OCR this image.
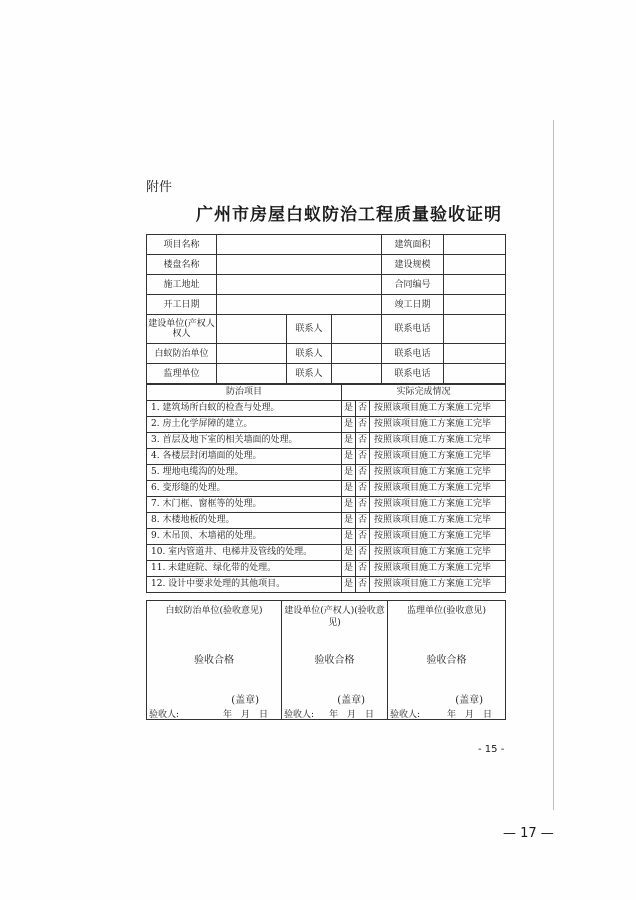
附件
广州市房屋白蚁防治工程质量验收证明
项目名称				建筑面积	
楼盘名称				建设规模	
施工地址				合同编号	
开工日期				竣工日期	

建设单位(产权人
权人		联系人		联系电话	
白蚁防治单位		联系人		联系电话	
监理单位		联系人		联系电话	
防治项目	实际完成情况		
1. 建筑场所白蚁的检查与处理。	是	否	按照该项目施工方案施工完毕
2. 房土化学屏障的建立。	是	否	按照该项目施工方案施工完毕
3. 首层及地下室的相关墙面的处理。	是	否	按照该项目施工方案施工完毕
4. 各楼层封闭墙面的处理。	是	否	按照该项目施工方案施工完毕
5. 埋地电缆沟的处理。	是	否	按照该项目施工方案施工完毕
6. 变形缝的处理。	是	否	按照该项目施工方案施工完毕
7. 木门框、窗框等的处理。	是	否	按照该项目施工方案施工完毕
8. 木楼地板的处理。	是	否	按照该项目施工方案施工完毕
9. 木吊顶、木墙裙的处理。	是	否	按照该项目施工方案施工完毕
10. 室内管道井、电梯井及管线的处理。	是	否	按照该项目施工方案施工完毕
11. 未建庭院、绿化带的处理。	是	否	按照该项目施工方案施工完毕
12. 设计中要求处理的其他项目。	是	否	按照该项目施工方案施工完毕
白蚁防治单位(验收意见)
验收合格
(盖章)
验收人:	年月日

建设单位(产权人)(验收意见)
验收合格
(盖章)
验收人: 年月日

监理单位(验收意见)
验收合格
(盖章)
验收人:	年月日
- 15 -
— 17 —
